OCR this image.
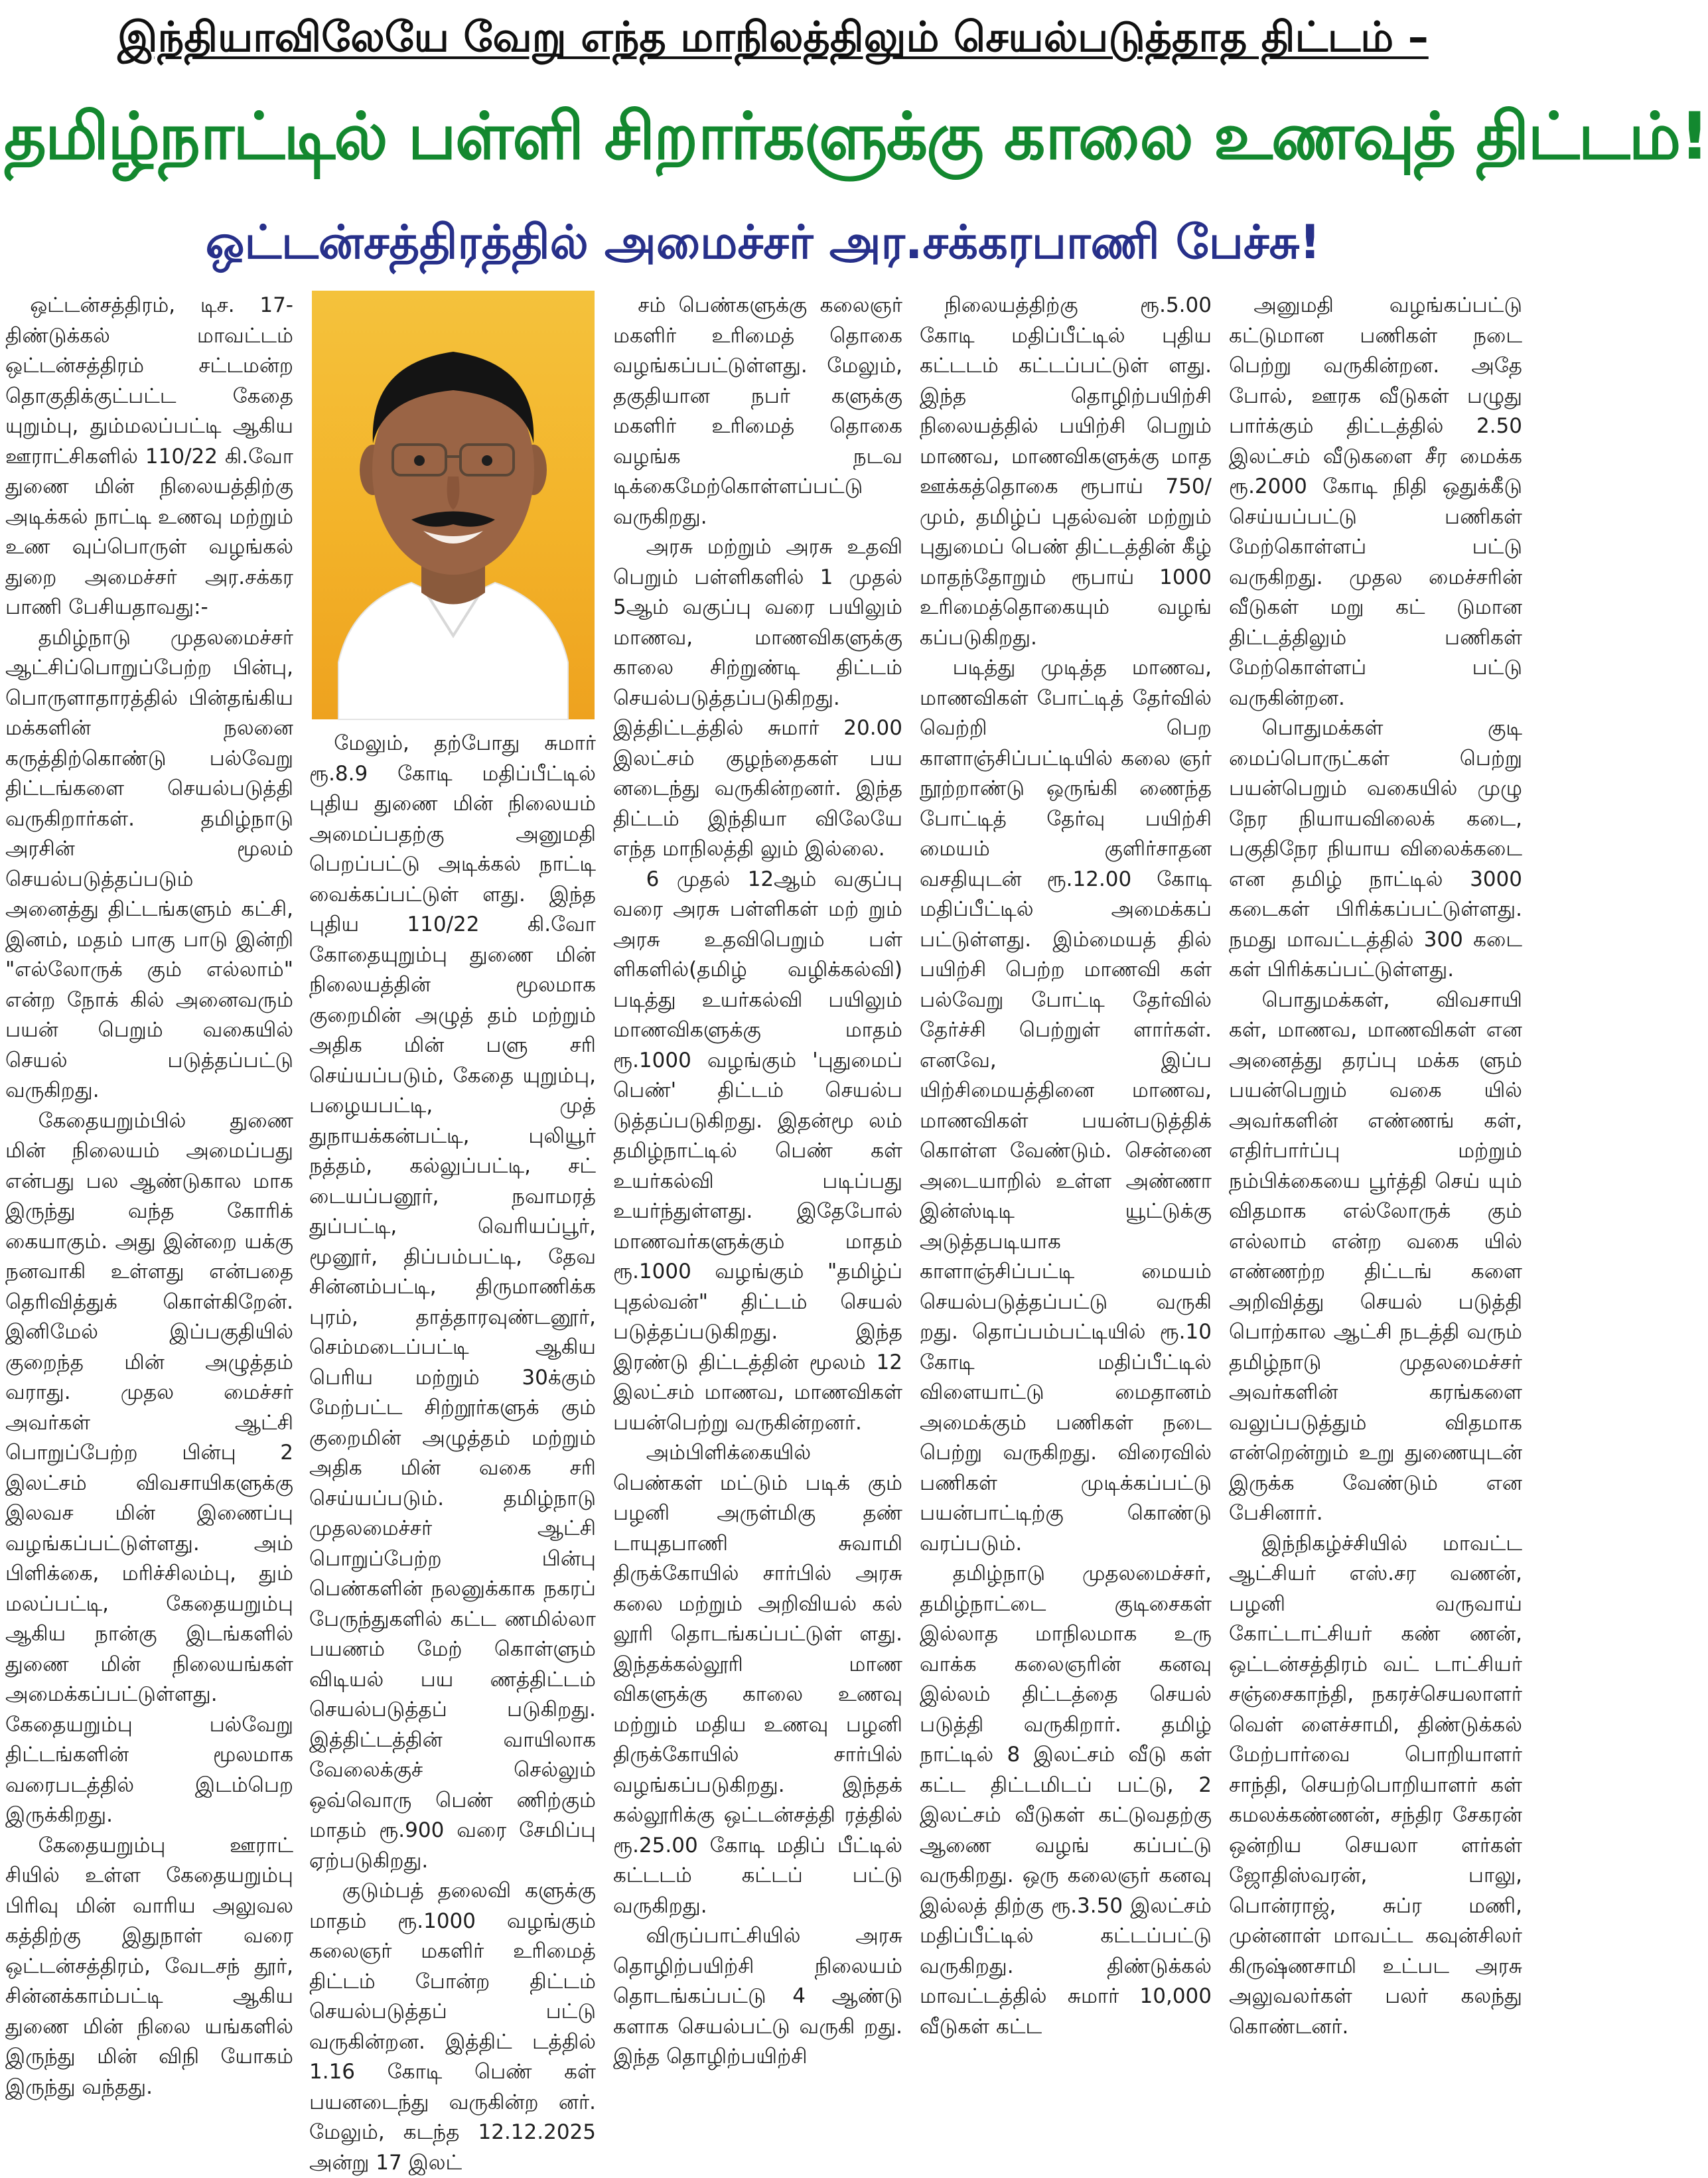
இந்தியாவிலேயே வேறு எந்த மாநிலத்திலும் செயல்படுத்தாத திட்டம் –
தமிழ்நாட்டில் பள்ளி சிறார்களுக்கு காலை உணவுத் திட்டம்!
ஒட்டன்சத்திரத்தில் அமைச்சர் அர.சக்கரபாணி பேச்சு!

ஒட்டன்சத்திரம், டிச. 17- திண்டுக்கல் மாவட்டம் ஒட்டன்சத்திரம் சட்டமன்ற தொகுதிக்குட்பட்ட கேதை யுறும்பு, தும்மலப்பட்டி ஆகிய ஊராட்சிகளில் 110/22 கி.வோ துணை மின் நிலையத்திற்கு அடிக்கல் நாட்டி உணவு மற்றும் உண வுப்பொருள் வழங்கல் துறை அமைச்சர் அர.சக்கர பாணி பேசியதாவது:-

தமிழ்நாடு முதலமைச்சர் ஆட்சிப்பொறுப்பேற்ற பின்பு, பொருளாதாரத்தில் பின்தங்கிய மக்களின் நலனை கருத்திற்கொண்டு பல்வேறு திட்டங்களை செயல்படுத்தி வருகிறார்கள். தமிழ்நாடு அரசின் மூலம் செயல்படுத்தப்படும் அனைத்து திட்டங்களும் கட்சி, இனம், மதம் பாகு பாடு இன்றி "எல்லோருக் கும் எல்லாம்" என்ற நோக் கில் அனைவரும் பயன் பெறும் வகையில் செயல் படுத்தப்பட்டு வருகிறது.

கேதையறும்பில் துணை மின் நிலையம் அமைப்பது என்பது பல ஆண்டுகால மாக இருந்து வந்த கோரிக் கையாகும். அது இன்றை யக்கு நனவாகி உள்ளது என்பதை தெரிவித்துக் கொள்கிறேன். இனிமேல் இப்பகுதியில் குறைந்த மின் அழுத்தம் வராது. முதல மைச்சர் அவர்கள் ஆட்சி பொறுப்பேற்ற பின்பு 2 இலட்சம் விவசாயிகளுக்கு இலவச மின் இணைப்பு வழங்கப்பட்டுள்ளது. அம் பிளிக்கை, மரிச்சிலம்பு, தும் மலப்பட்டி, கேதையறும்பு ஆகிய நான்கு இடங்களில் துணை மின் நிலையங்கள் அமைக்கப்பட்டுள்ளது. கேதையறும்பு பல்வேறு திட்டங்களின் மூலமாக வரைபடத்தில் இடம்பெற இருக்கிறது.

கேதையறும்பு ஊராட் சியில் உள்ள கேதையறும்பு பிரிவு மின் வாரிய அலுவல கத்திற்கு இதுநாள் வரை ஒட்டன்சத்திரம், வேடசந் தூர், சின்னக்காம்பட்டி ஆகிய துணை மின் நிலை யங்களில் இருந்து மின் விநி யோகம் இருந்து வந்தது.

மேலும், தற்போது சுமார் ரூ.8.9 கோடி மதிப்பீட்டில் புதிய துணை மின் நிலையம் அமைப்பதற்கு அனுமதி பெறப்பட்டு அடிக்கல் நாட்டி வைக்கப்பட்டுள் ளது. இந்த புதிய 110/22 கி.வோ கோதையுறும்பு துணை மின் நிலையத்தின் மூலமாக குறைமின் அழுத் தம் மற்றும் அதிக மின் பளு சரி செய்யப்படும், கேதை யுறும்பு, பழையபட்டி, முத் துநாயக்கன்பட்டி, புலியூர் நத்தம், கல்லுப்பட்டி, சட் டையப்பனூர், நவாமரத் துப்பட்டி, வெரியப்பூர், மூனூர், திப்பம்பட்டி, தேவ சின்னம்பட்டி, திருமாணிக்க புரம், தாத்தாரவுண்டனூர், செம்மடைப்பட்டி ஆகிய பெரிய மற்றும் 30க்கும் மேற்பட்ட சிற்றூர்களுக் கும் குறைமின் அழுத்தம் மற்றும் அதிக மின் வகை சரி செய்யப்படும். தமிழ்நாடு முதலமைச்சர் ஆட்சி பொறுப்பேற்ற பின்பு பெண்களின் நலனுக்காக நகரப் பேருந்துகளில் கட்ட ணமில்லா பயணம் மேற் கொள்ளும் விடியல் பய ணத்திட்டம் செயல்படுத்தப் படுகிறது. இத்திட்டத்தின் வாயிலாக வேலைக்குச் செல்லும் ஒவ்வொரு பெண் ணிற்கும் மாதம் ரூ.900 வரை சேமிப்பு ஏற்படுகிறது.

குடும்பத் தலைவி களுக்கு மாதம் ரூ.1000 வழங்கும் கலைஞர் மகளிர் உரிமைத் திட்டம் போன்ற திட்டம் செயல்படுத்தப் பட்டு வருகின்றன. இத்திட் டத்தில் 1.16 கோடி பெண் கள் பயனடைந்து வருகின்ற னர். மேலும், கடந்த 12.12.2025 அன்று 17 இலட்

சம் பெண்களுக்கு கலைஞர் மகளிர் உரிமைத் தொகை வழங்கப்பட்டுள்ளது. மேலும், தகுதியான நபர் களுக்கு மகளிர் உரிமைத் தொகை வழங்க நடவ டிக்கைமேற்கொள்ளப்பட்டு வருகிறது.

அரசு மற்றும் அரசு உதவி பெறும் பள்ளிகளில் 1 முதல் 5ஆம் வகுப்பு வரை பயிலும் மாணவ, மாணவிகளுக்கு காலை சிற்றுண்டி திட்டம் செயல்படுத்தப்படுகிறது. இத்திட்டத்தில் சுமார் 20.00 இலட்சம் குழந்தைகள் பய னடைந்து வருகின்றனர். இந்த திட்டம் இந்தியா விலேயே எந்த மாநிலத்தி லும் இல்லை.

6 முதல் 12ஆம் வகுப்பு வரை அரசு பள்ளிகள் மற் றும் அரசு உதவிபெறும் பள் ளிகளில்(தமிழ் வழிக்கல்வி) படித்து உயர்கல்வி பயிலும் மாணவிகளுக்கு மாதம் ரூ.1000 வழங்கும் 'புதுமைப் பெண்' திட்டம் செயல்ப டுத்தப்படுகிறது. இதன்மூ லம் தமிழ்நாட்டில் பெண் கள் உயர்கல்வி படிப்பது உயர்ந்துள்ளது. இதேபோல் மாணவர்களுக்கும் மாதம் ரூ.1000 வழங்கும் "தமிழ்ப் புதல்வன்" திட்டம் செயல் படுத்தப்படுகிறது. இந்த இரண்டு திட்டத்தின் மூலம் 12 இலட்சம் மாணவ, மாணவிகள் பயன்பெற்று வருகின்றனர்.

அம்பிளிக்கையில் பெண்கள் மட்டும் படிக் கும் பழனி அருள்மிகு தண் டாயுதபாணி சுவாமி திருக்கோயில் சார்பில் அரசு கலை மற்றும் அறிவியல் கல் லூரி தொடங்கப்பட்டுள் ளது. இந்தக்கல்லூரி மாண விகளுக்கு காலை உணவு மற்றும் மதிய உணவு பழனி திருக்கோயில் சார்பில் வழங்கப்படுகிறது. இந்தக் கல்லூரிக்கு ஒட்டன்சத்தி ரத்தில் ரூ.25.00 கோடி மதிப் பீட்டில் கட்டடம் கட்டப் பட்டு வருகிறது.

விருப்பாட்சியில் அரசு தொழிற்பயிற்சி நிலையம் தொடங்கப்பட்டு 4 ஆண்டு களாக செயல்பட்டு வருகி றது. இந்த தொழிற்பயிற்சி

நிலையத்திற்கு ரூ.5.00 கோடி மதிப்பீட்டில் புதிய கட்டடம் கட்டப்பட்டுள் ளது. இந்த தொழிற்பயிற்சி நிலையத்தில் பயிற்சி பெறும் மாணவ, மாணவிகளுக்கு மாத ஊக்கத்தொகை ரூபாய் 750/மும், தமிழ்ப் புதல்வன் மற்றும் புதுமைப் பெண் திட்டத்தின் கீழ் மாதந்தோறும் ரூபாய் 1000 உரிமைத்தொகையும் வழங் கப்படுகிறது.

படித்து முடித்த மாணவ, மாணவிகள் போட்டித் தேர்வில் வெற்றி பெற காளாஞ்சிப்பட்டியில் கலை ஞர் நூற்றாண்டு ஒருங்கி ணைந்த போட்டித் தேர்வு பயிற்சி மையம் குளிர்சாதன வசதியுடன் ரூ.12.00 கோடி மதிப்பீட்டில் அமைக்கப் பட்டுள்ளது. இம்மையத் தில் பயிற்சி பெற்ற மாணவி கள் பல்வேறு போட்டி தேர்வில் தேர்ச்சி பெற்றுள் ளார்கள். எனவே, இப்ப யிற்சிமையத்தினை மாணவ, மாணவிகள் பயன்படுத்திக் கொள்ள வேண்டும். சென்னை அடையாறில் உள்ள அண்ணா இன்ஸ்டிடி யூட்டுக்கு அடுத்தபடியாக காளாஞ்சிப்பட்டி மையம் செயல்படுத்தப்பட்டு வருகி றது. தொப்பம்பட்டியில் ரூ.10 கோடி மதிப்பீட்டில் விளையாட்டு மைதானம் அமைக்கும் பணிகள் நடை பெற்று வருகிறது. விரைவில் பணிகள் முடிக்கப்பட்டு பயன்பாட்டிற்கு கொண்டு வரப்படும்.

தமிழ்நாடு முதலமைச்சர், தமிழ்நாட்டை குடிசைகள் இல்லாத மாநிலமாக உரு வாக்க கலைஞரின் கனவு இல்லம் திட்டத்தை செயல் படுத்தி வருகிறார். தமிழ் நாட்டில் 8 இலட்சம் வீடு கள் கட்ட திட்டமிடப் பட்டு, 2 இலட்சம் வீடுகள் கட்டுவதற்கு ஆணை வழங் கப்பட்டு வருகிறது. ஒரு கலைஞர் கனவு இல்லத் திற்கு ரூ.3.50 இலட்சம் மதிப்பீட்டில் கட்டப்பட்டு வருகிறது. திண்டுக்கல் மாவட்டத்தில் சுமார் 10,000 வீடுகள் கட்ட

அனுமதி வழங்கப்பட்டு கட்டுமான பணிகள் நடை பெற்று வருகின்றன. அதே போல், ஊரக வீடுகள் பழுது பார்க்கும் திட்டத்தில் 2.50 இலட்சம் வீடுகளை சீர மைக்க ரூ.2000 கோடி நிதி ஒதுக்கீடு செய்யப்பட்டு பணிகள் மேற்கொள்ளப் பட்டு வருகிறது. முதல மைச்சரின் வீடுகள் மறு கட் டுமான திட்டத்திலும் பணிகள் மேற்கொள்ளப் பட்டு வருகின்றன.

பொதுமக்கள் குடி மைப்பொருட்கள் பெற்று பயன்பெறும் வகையில் முழு நேர நியாயவிலைக் கடை, பகுதிநேர நியாய விலைக்கடை என தமிழ் நாட்டில் 3000 கடைகள் பிரிக்கப்பட்டுள்ளது. நமது மாவட்டத்தில் 300 கடை கள் பிரிக்கப்பட்டுள்ளது.

பொதுமக்கள், விவசாயி கள், மாணவ, மாணவிகள் என அனைத்து தரப்பு மக்க ளும் பயன்பெறும் வகை யில் அவர்களின் எண்ணங் கள், எதிர்பார்ப்பு மற்றும் நம்பிக்கையை பூர்த்தி செய் யும் விதமாக எல்லோருக் கும் எல்லாம் என்ற வகை யில் எண்ணற்ற திட்டங் களை அறிவித்து செயல் படுத்தி பொற்கால ஆட்சி நடத்தி வரும் தமிழ்நாடு முதலமைச்சர் அவர்களின் கரங்களை வலுப்படுத்தும் விதமாக என்றென்றும் உறு துணையுடன் இருக்க வேண்டும் என பேசினார்.

இந்நிகழ்ச்சியில் மாவட்ட ஆட்சியர் எஸ்.சர வணன், பழனி வருவாய் கோட்டாட்சியர் கண் ணன், ஒட்டன்சத்திரம் வட் டாட்சியர் சஞ்சைகாந்தி, நகரச்செயலாளர் வெள் ளைச்சாமி, திண்டுக்கல் மேற்பார்வை பொறியாளர் சாந்தி, செயற்பொறியாளர் கள் கமலக்கண்ணன், சந்திர சேகரன் ஒன்றிய செயலா ளர்கள் ஜோதிஸ்வரன், பாலு, பொன்ராஜ், சுப்ர மணி, முன்னாள் மாவட்ட கவுன்சிலர் கிருஷ்ணசாமி உட்பட அரசு அலுவலர்கள் பலர் கலந்து கொண்டனர்.
